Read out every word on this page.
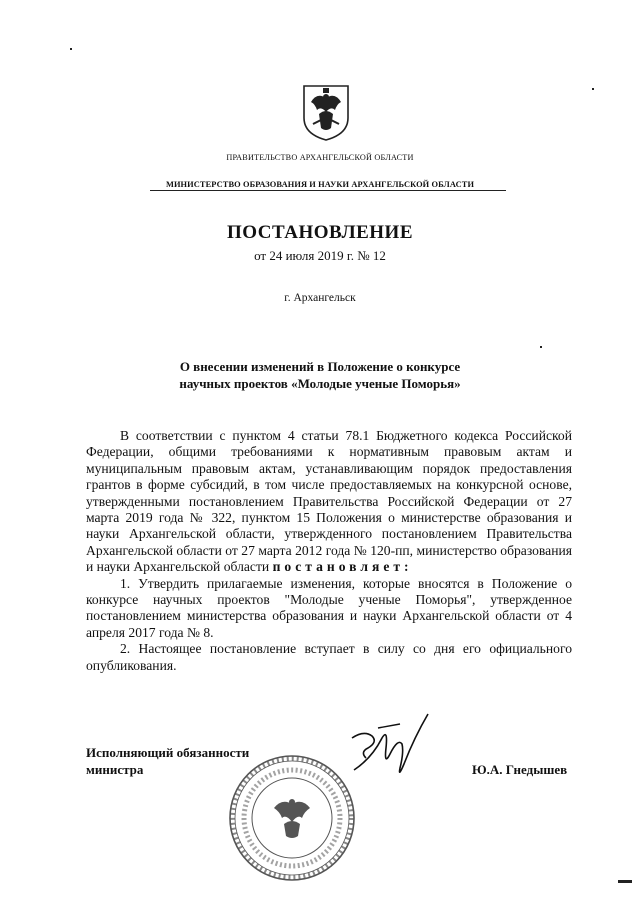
ПРАВИТЕЛЬСТВО АРХАНГЕЛЬСКОЙ ОБЛАСТИ
МИНИСТЕРСТВО ОБРАЗОВАНИЯ И НАУКИ АРХАНГЕЛЬСКОЙ ОБЛАСТИ
ПОСТАНОВЛЕНИЕ
от 24 июля 2019 г. № 12
г. Архангельск
О внесении изменений в Положение о конкурсе
научных проектов «Молодые ученые Поморья»

В соответствии с пунктом 4 статьи 78.1 Бюджетного кодекса Российской Федерации, общими требованиями к нормативным правовым актам и муниципальным правовым актам, устанавливающим порядок предоставления грантов в форме субсидий, в том числе предоставляемых на конкурсной основе, утвержденными постановлением Правительства Российской Федерации от 27 марта 2019 года № 322, пунктом 15 Положения о министерстве образования и науки Архангельской области, утвержденного постановлением Правительства Архангельской области от 27 марта 2012 года № 120-пп, министерство образования и науки Архангельской области постановляет:

1. Утвердить прилагаемые изменения, которые вносятся в Положение о конкурсе научных проектов "Молодые ученые Поморья", утвержденное постановлением министерства образования и науки Архангельской области от 4 апреля 2017 года № 8.

2. Настоящее постановление вступает в силу со дня его официального опубликования.

Исполняющий обязанности
министра	Ю.А. Гнедышев
